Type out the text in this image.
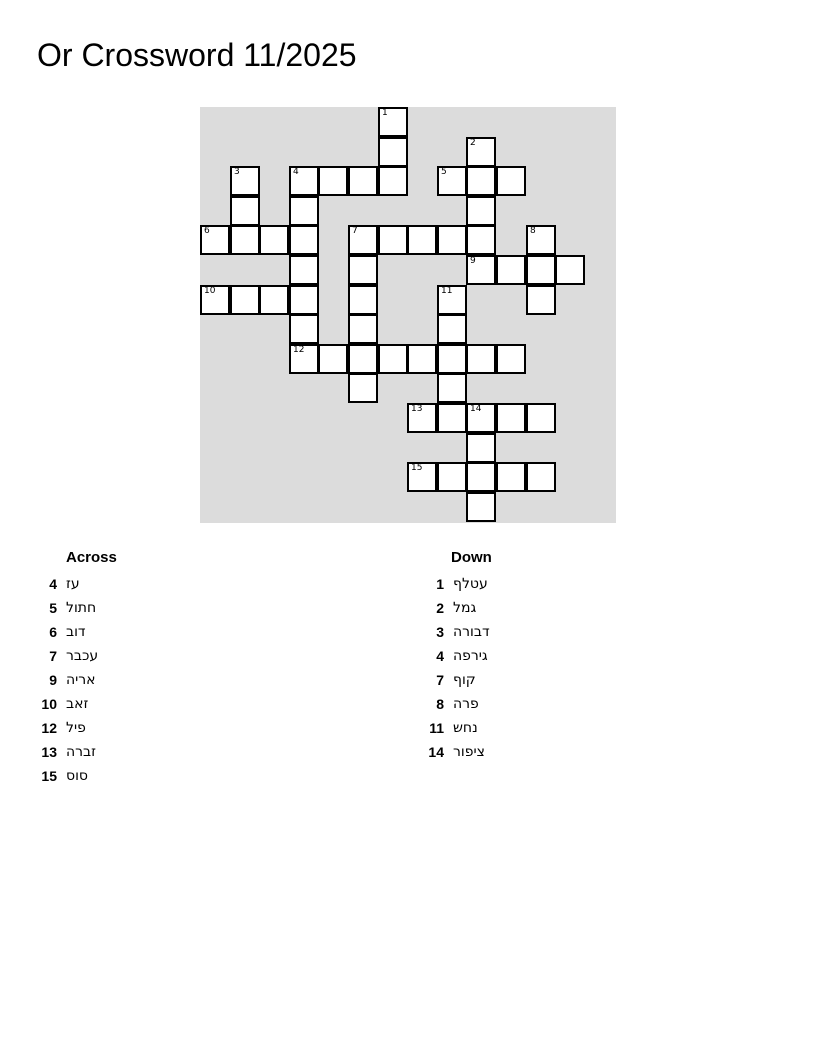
Or Crossword 11/2025
1
2
3	4	5
6	7	8
9
10	11
12
13	14
15
Across
4 עז
5 חתול
6 דוב
7 עכבר
9 אריה
10 זאב
12 פיל
13 זברה
15 סוס
Down
1 עטלף
2 גמל
3 דבורה
4 גירפה
7 קוף
8 פרה
11 נחש
14 ציפור
